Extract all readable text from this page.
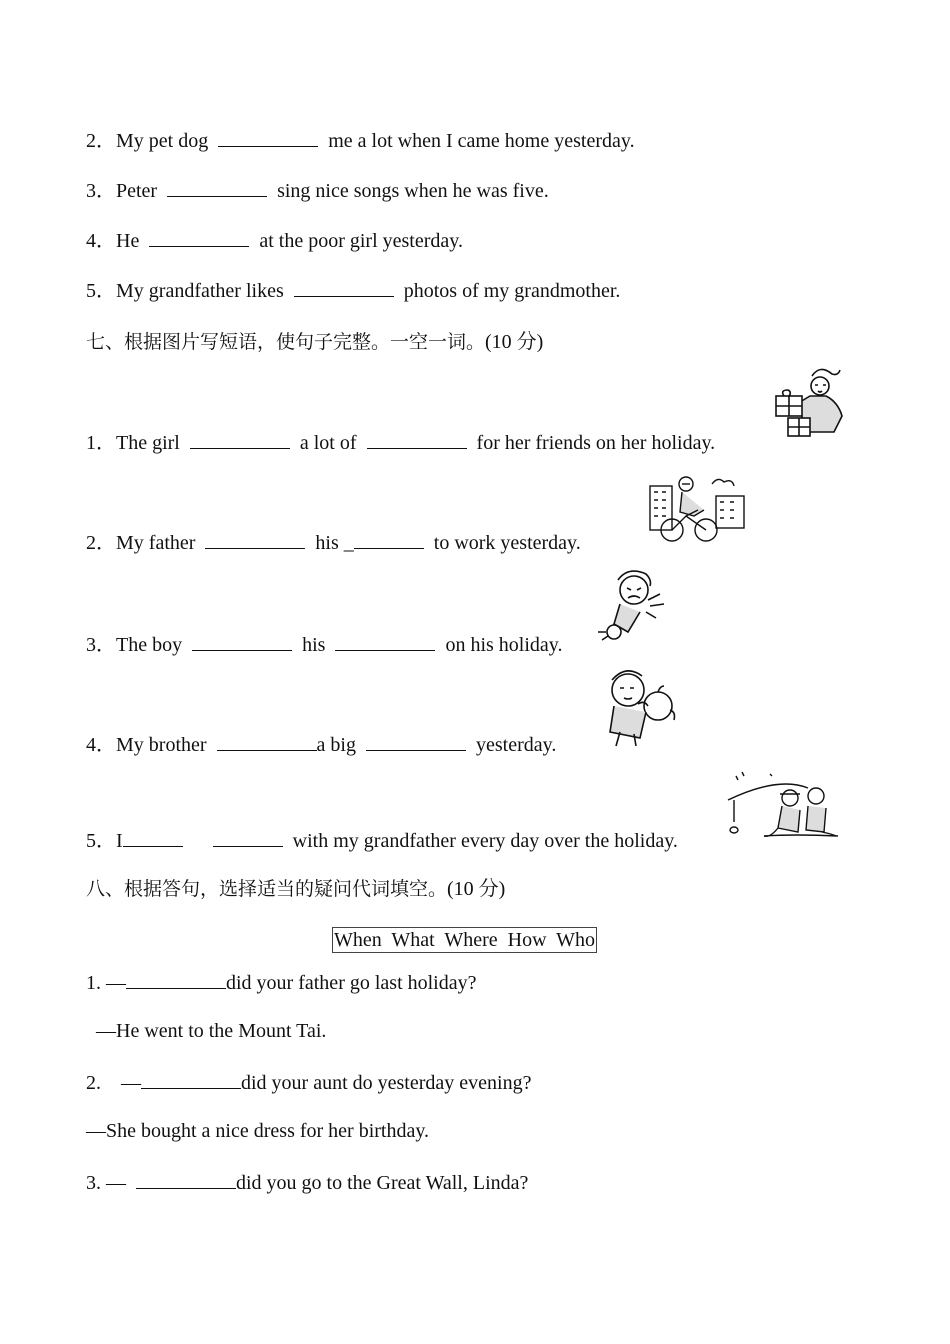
2．My pet dog	me a lot when I came home yesterday.
3．Peter	sing nice songs when he was five.
4．He	at the poor girl yesterday.
5．My grandfather likes	photos of my grandmother.
七、根据图片写短语，使句子完整。一空一词。(10 分)
1．The girl	a lot of	for her friends on her holiday.
2．My father	his _	to work yesterday.
3．The boy	his	on his holiday.
4．My brother	a big	yesterday.
5．I	with my grandfather every day over the holiday.
八、根据答句，选择适当的疑问代词填空。(10 分)
When  What  Where  How  Who
1. —	did your father go last holiday?
—He went to the Mount Tai.
2.    —	did your aunt do yesterday evening?
—She bought a nice dress for her birthday.
3. —	did you go to the Great Wall, Linda?
